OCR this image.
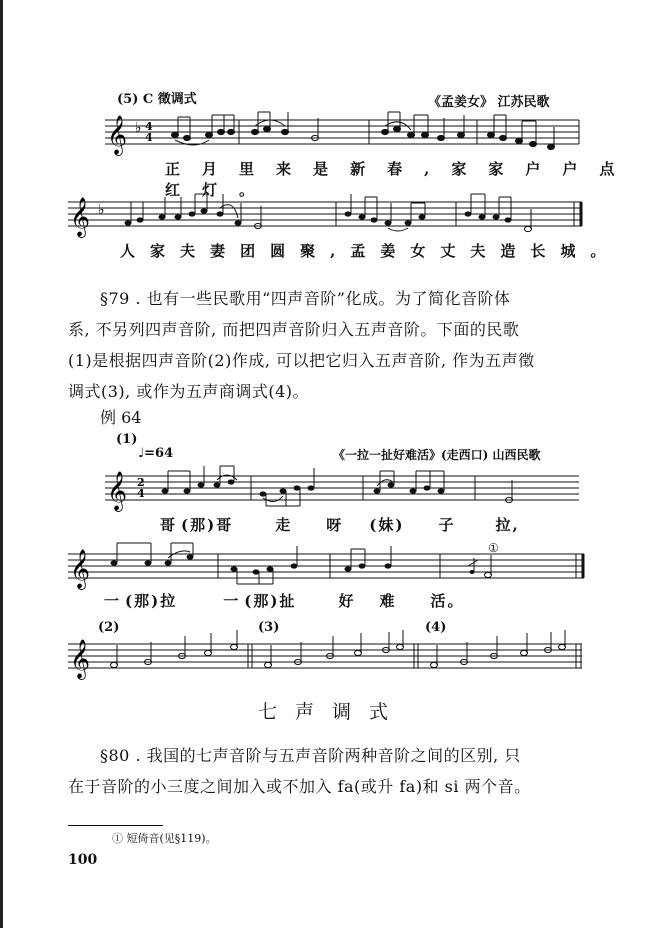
(5) C 徵调式	《孟姜女》 江苏民歌
𝄞 ♭ 4
4
正月里来是新春,家家户户点红灯。
𝄞 ♭
人家夫妻团圆聚,孟姜女丈夫造长城。
§79 . 也有一些民歌用“四声音阶”化成。为了简化音阶体
系, 不另列四声音阶, 而把四声音阶归入五声音阶。下面的民歌
(1)是根据四声音阶(2)作成, 可以把它归入五声音阶, 作为五声徵
调式(3), 或作为五声商调式(4)。
例 64
(1)
♩=64	《一拉一扯好难活》(走西口) 山西民歌
𝄞 2
4
哥 (那)哥	走 呀 (妹) 子	拉,
𝄞
①
一 (那)拉	一 (那)扯	好 难 活。
(2)	(3)	(4)
𝄞
七声调式
§80 . 我国的七声音阶与五声音阶两种音阶之间的区别, 只
在于音阶的小三度之间加入或不加入 fa(或升 fa)和 si 两个音。
① 短倚音(见§119)。
100
